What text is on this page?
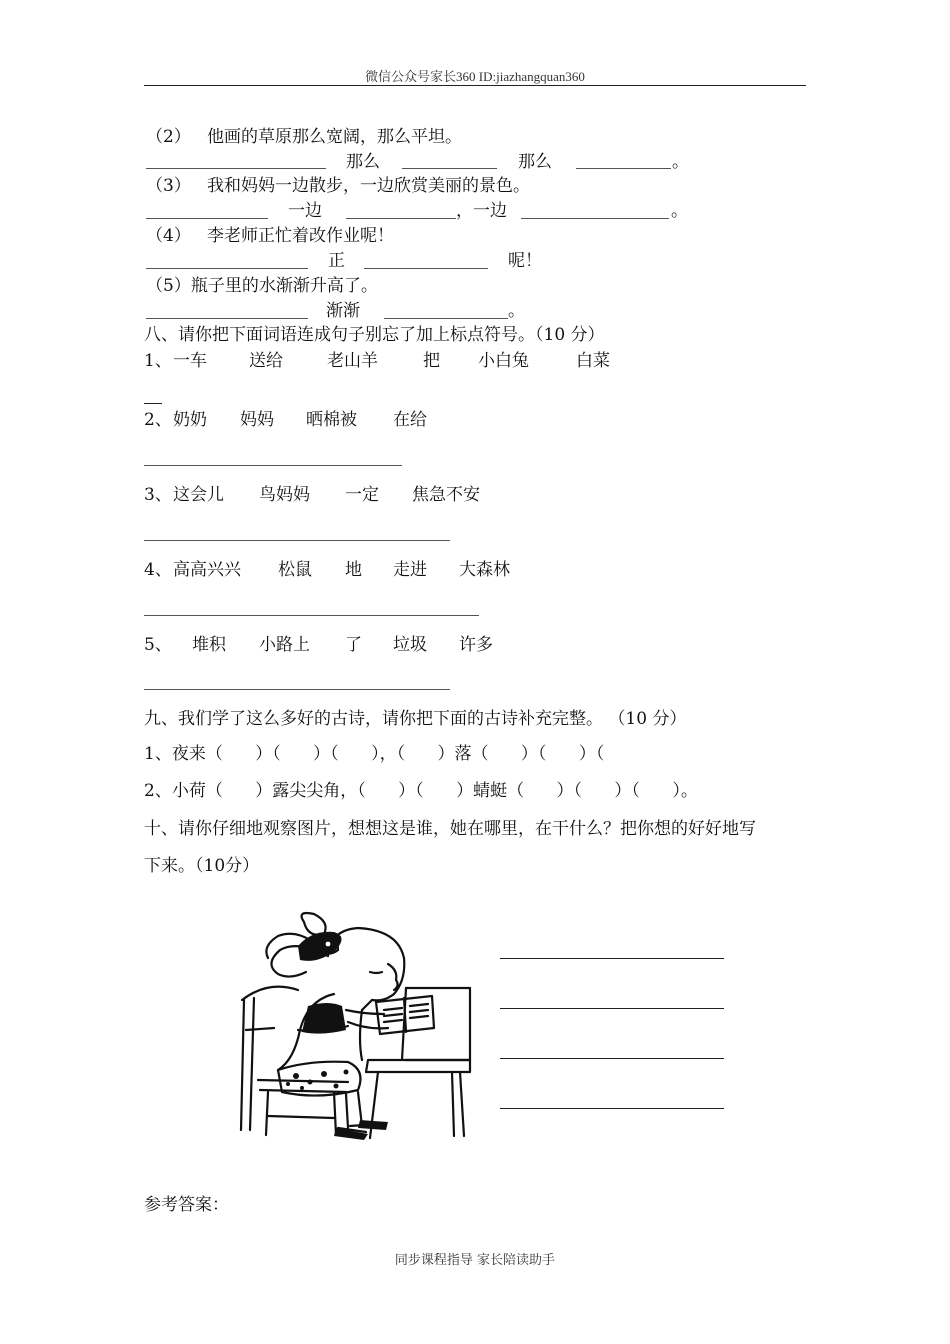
微信公众号家长360 ID:jiazhangquan360
（2）   他画的草原那么宽阔，那么平坦。
那么	那么	。
（3）   我和妈妈一边散步，一边欣赏美丽的景色。
一边	，一边	。
（4）   李老师正忙着改作业呢！
正	呢！
（5）瓶子里的水渐渐升高了。
渐渐	。
八、请你把下面词语连成句子别忘了加上标点符号。（10 分）
1、 一车 送给	老山羊	把 小白兔	白菜
2、 奶奶 妈妈 晒棉被 在给
3、 这会儿 鸟妈妈 一定 焦急不安
4、 高高兴兴 松鼠 地 走进 大森林
5、 堆积 小路上 了 垃圾 许多
九、我们学了这么多好的古诗，请你把下面的古诗补充完整。 （10 分）
1、夜来（      ）（      ）（      ），（      ）落（      ）（      ）（
2、小荷（      ）露尖尖角，（      ）（      ）蜻蜓（      ）（      ）（      ）。
十、请你仔细地观察图片，想想这是谁，她在哪里，在干什么？把你想的好好地写
下来。（10分）
参考答案：
同步课程指导 家长陪读助手
